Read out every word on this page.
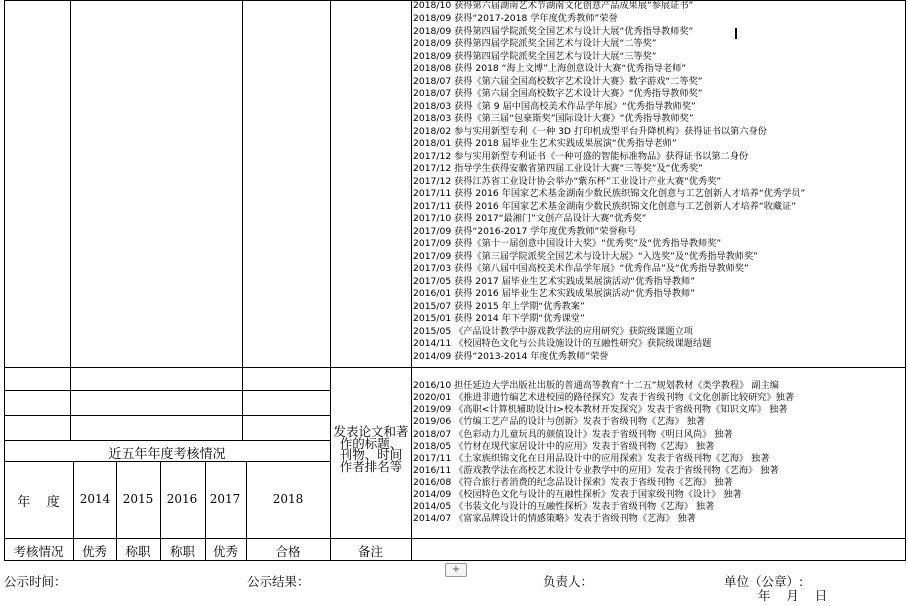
2018/10 获得第六届湖南艺术节湖南文化创意产品成果展“参展证书”
2018/09 获得“2017-2018 学年度优秀教师”荣誉
2018/09 获得第四届学院派奖全国艺术与设计大展“优秀指导教师奖”
2018/09 获得第四届学院派奖全国艺术与设计大展“二等奖”
2018/09 获得第四届学院派奖全国艺术与设计大展“三等奖”
2018/08 获得 2018 “海上文博”上海创意设计大赛“优秀指导老师”
2018/07 获得《第六届全国高校数字艺术设计大赛》数字游戏“二等奖”
2018/07 获得《第六届全国高校数字艺术设计大赛》“优秀指导教师奖”
2018/03 获得《第 9 届中国高校美术作品学年展》“优秀指导教师奖”
2018/03 获得《第三届“包豪斯奖”国际设计大赛》“优秀指导教师奖”
2018/02 参与实用新型专利《一种 3D 打印机成型平台升降机构》获得证书以第六身份
2018/01 获得 2018 届毕业生艺术实践成果展演“优秀指导老师”
2017/12 参与实用新型专利证书《一种可盛的智能标准物品》获得证书以第二身份
2017/12 指导学生获得安徽省第四届工业设计大赛“三等奖”及“优秀奖”
2017/12 获得江苏省工业设计协会举办“紫东杯”工业设计产业大赛“优秀奖”
2017/11 获得 2016 年国家艺术基金湖南少数民族织锦文化创意与工艺创新人才培养“优秀学员”
2017/11 获得 2016 年国家艺术基金湖南少数民族织锦文化创意与工艺创新人才培养“收藏证”
2017/10 获得 2017“最湘门”文创产品设计大赛“优秀奖”
2017/09 获得“2016-2017 学年度优秀教师”荣誉称号
2017/09 获得《第十一届创意中国设计大奖》“优秀奖”及“优秀指导教师奖”
2017/09 获得《第三届学院派奖全国艺术与设计大展》“入选奖”及“优秀指导教师奖”
2017/03 获得《第八届中国高校美术作品学年展》“优秀作品”及“优秀指导教师奖”
2017/05 获得 2017 届毕业生艺术实践成果展演活动“优秀指导教师”
2016/01 获得 2016 届毕业生艺术实践成果展演活动“优秀指导教师”
2015/07 获得 2015 年上学期“优秀教案”
2015/01 获得 2014 年下学期“优秀课堂”
2015/05 《产品设计教学中游戏教学法的应用研究》获院级课题立项
2014/11 《校园特色文化与公共设施设计的互融性研究》获院级课题结题
2014/09 获得“2013-2014 年度优秀教师”荣誉
发表论文和著
作的标题、
刊物、时间
作者排名等
2016/10 担任延边大学出版社出版的普通高等教育“十二五”规划教材《类学教程》 副主编
2020/01 《推进非遗竹编艺术进校园的路径探究》发表于省级刊物《文化创新比较研究》独著
2019/09 《高职<计算机辅助设计Ⅰ>校本教材开发探究》发表于省级刊物《知识文库》 独著
2019/06 《竹编工艺产品的设计与创新》发表于省级刊物《艺海》 独著
2018/07 《色彩动力儿童玩具的颜值设计》发表于省级刊物《明日风尚》 独著
2018/05 《竹材在现代家居设计中的应用》发表于省级刊物《艺海》 独著
2017/11 《土家族织锦文化在日用品设计中的应用探索》发表于省级刊物《艺海》 独著
2016/11 《游戏教学法在高校艺术设计专业教学中的应用》发表于省级刊物《艺海》 独著
2016/08 《符合旅行者消费的纪念品设计探索》发表于省级刊物《艺海》 独著
2014/09 《校园特色文化与设计的互融性探析》发表于国家级刊物《设计》 独著
2014/05 《书装文化与设计的互融性探析》发表于省级刊物《艺海》 独著
2014/07 《富家品牌设计的情感策略》发表于省级刊物《艺海》 独著
近五年年度考核情况
年    度	2014 2015 2016 2017	2018
考核情况	优秀	称职	称职	优秀	合格	备注
+
公示时间：	公示结果：	负责人：	单位（公章）:
年    月    日
